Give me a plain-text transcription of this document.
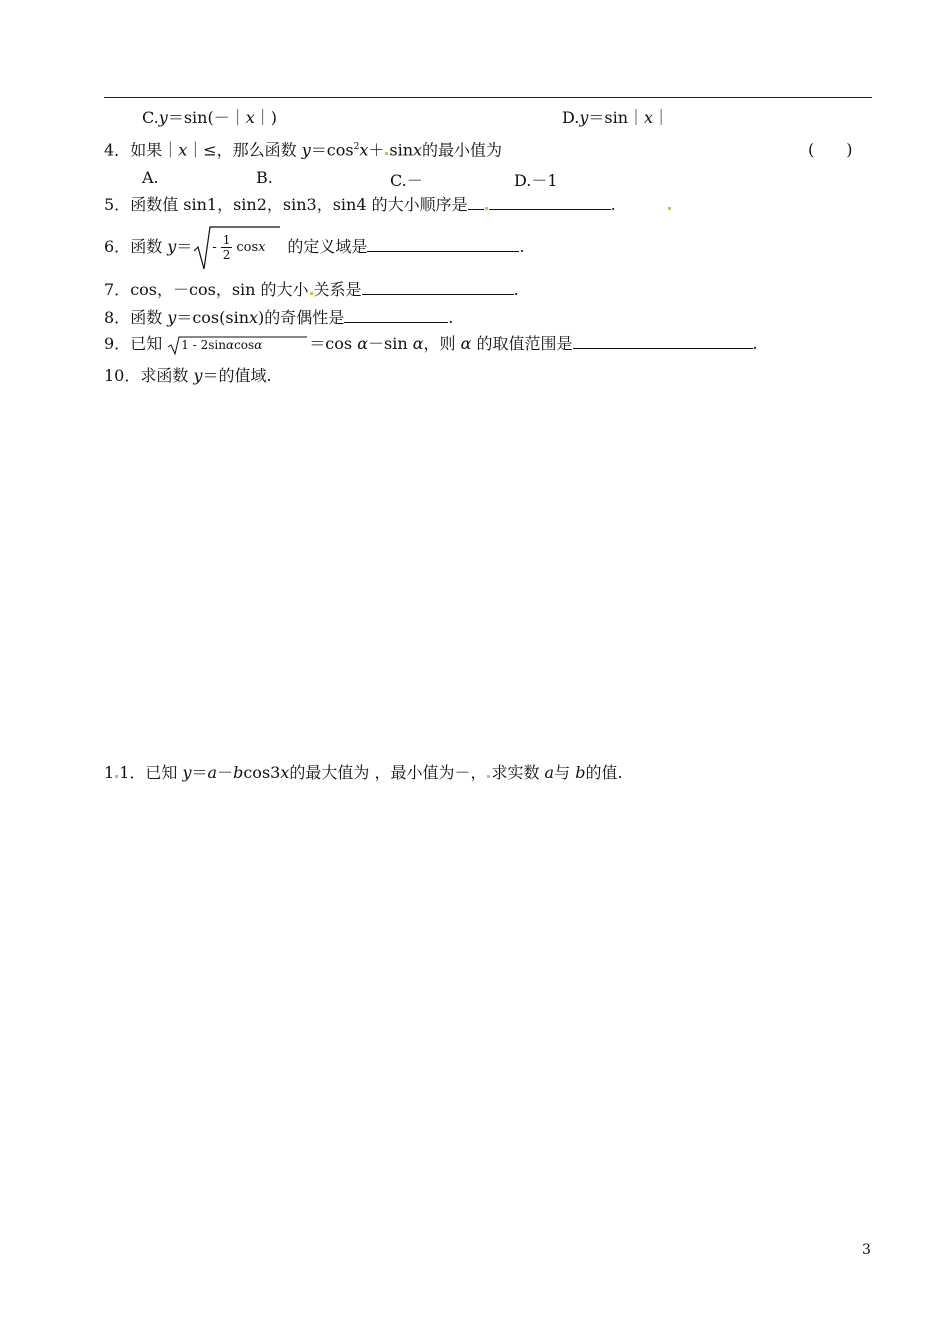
C.y＝sin(－｜x｜)	D.y＝sin｜x｜
4．如果｜x｜≤，那么函数 $y=\cos^2x+ \sin x$的最小值为	(　　)
A.	B.	C.－	D.－1
5．函数值 sin1，sin2，sin3，sin4 的大小顺序是	.
6．函数 $y= - \frac{1}{2}$ cosx 的定义域是	.
7．cos，－cos，sin 的大小 关系是	.
8．函数 y＝cos(sinx)的奇偶性是	.
9．已知 1 - 2sinαcosα	＝cos α－sin α，则 α 的取值范围是	.
10．求函数 y＝的值域.
1 1．已知 y＝a－bcos3x的最大值为 ，最小值为－， 求实数 a与 b的值.
3
